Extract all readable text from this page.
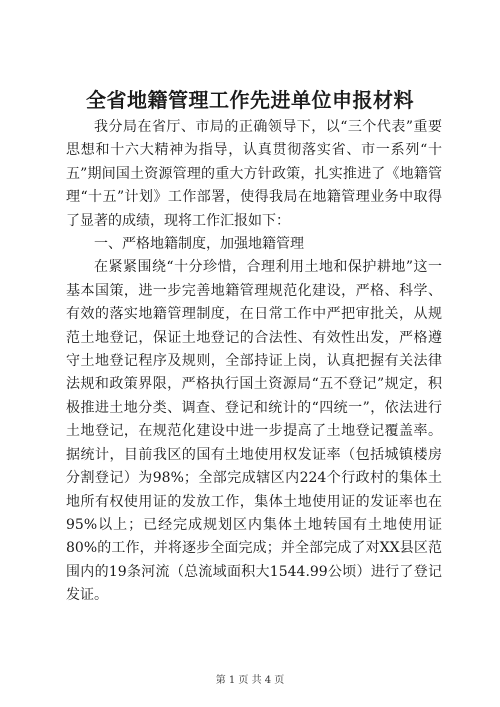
全省地籍管理工作先进单位申报材料

我分局在省厅、市局的正确领导下，以“三个代表”重要思想和十六大精神为指导，认真贯彻落实省、市一系列“十五”期间国土资源管理的重大方针政策，扎实推进了《地籍管理“十五”计划》工作部署，使得我局在地籍管理业务中取得了显著的成绩，现将工作汇报如下：

一、严格地籍制度，加强地籍管理

在紧紧围绕“十分珍惜，合理利用土地和保护耕地”这一基本国策，进一步完善地籍管理规范化建设，严格、科学、有效的落实地籍管理制度，在日常工作中严把审批关，从规范土地登记，保证土地登记的合法性、有效性出发，严格遵守土地登记程序及规则，全部持证上岗，认真把握有关法律法规和政策界限，严格执行国土资源局“五不登记”规定，积极推进土地分类、调查、登记和统计的“四统一”，依法进行土地登记，在规范化建设中进一步提高了土地登记覆盖率。据统计，目前我区的国有土地使用权发证率（包括城镇楼房分割登记）为98%；全部完成辖区内224个行政村的集体土地所有权使用证的发放工作，集体土地使用证的发证率也在95%以上；已经完成规划区内集体土地转国有土地使用证80%的工作，并将逐步全面完成；并全部完成了对XX县区范围内的19条河流（总流域面积大1544.99公顷）进行了登记发证。

第 1 页 共 4 页
